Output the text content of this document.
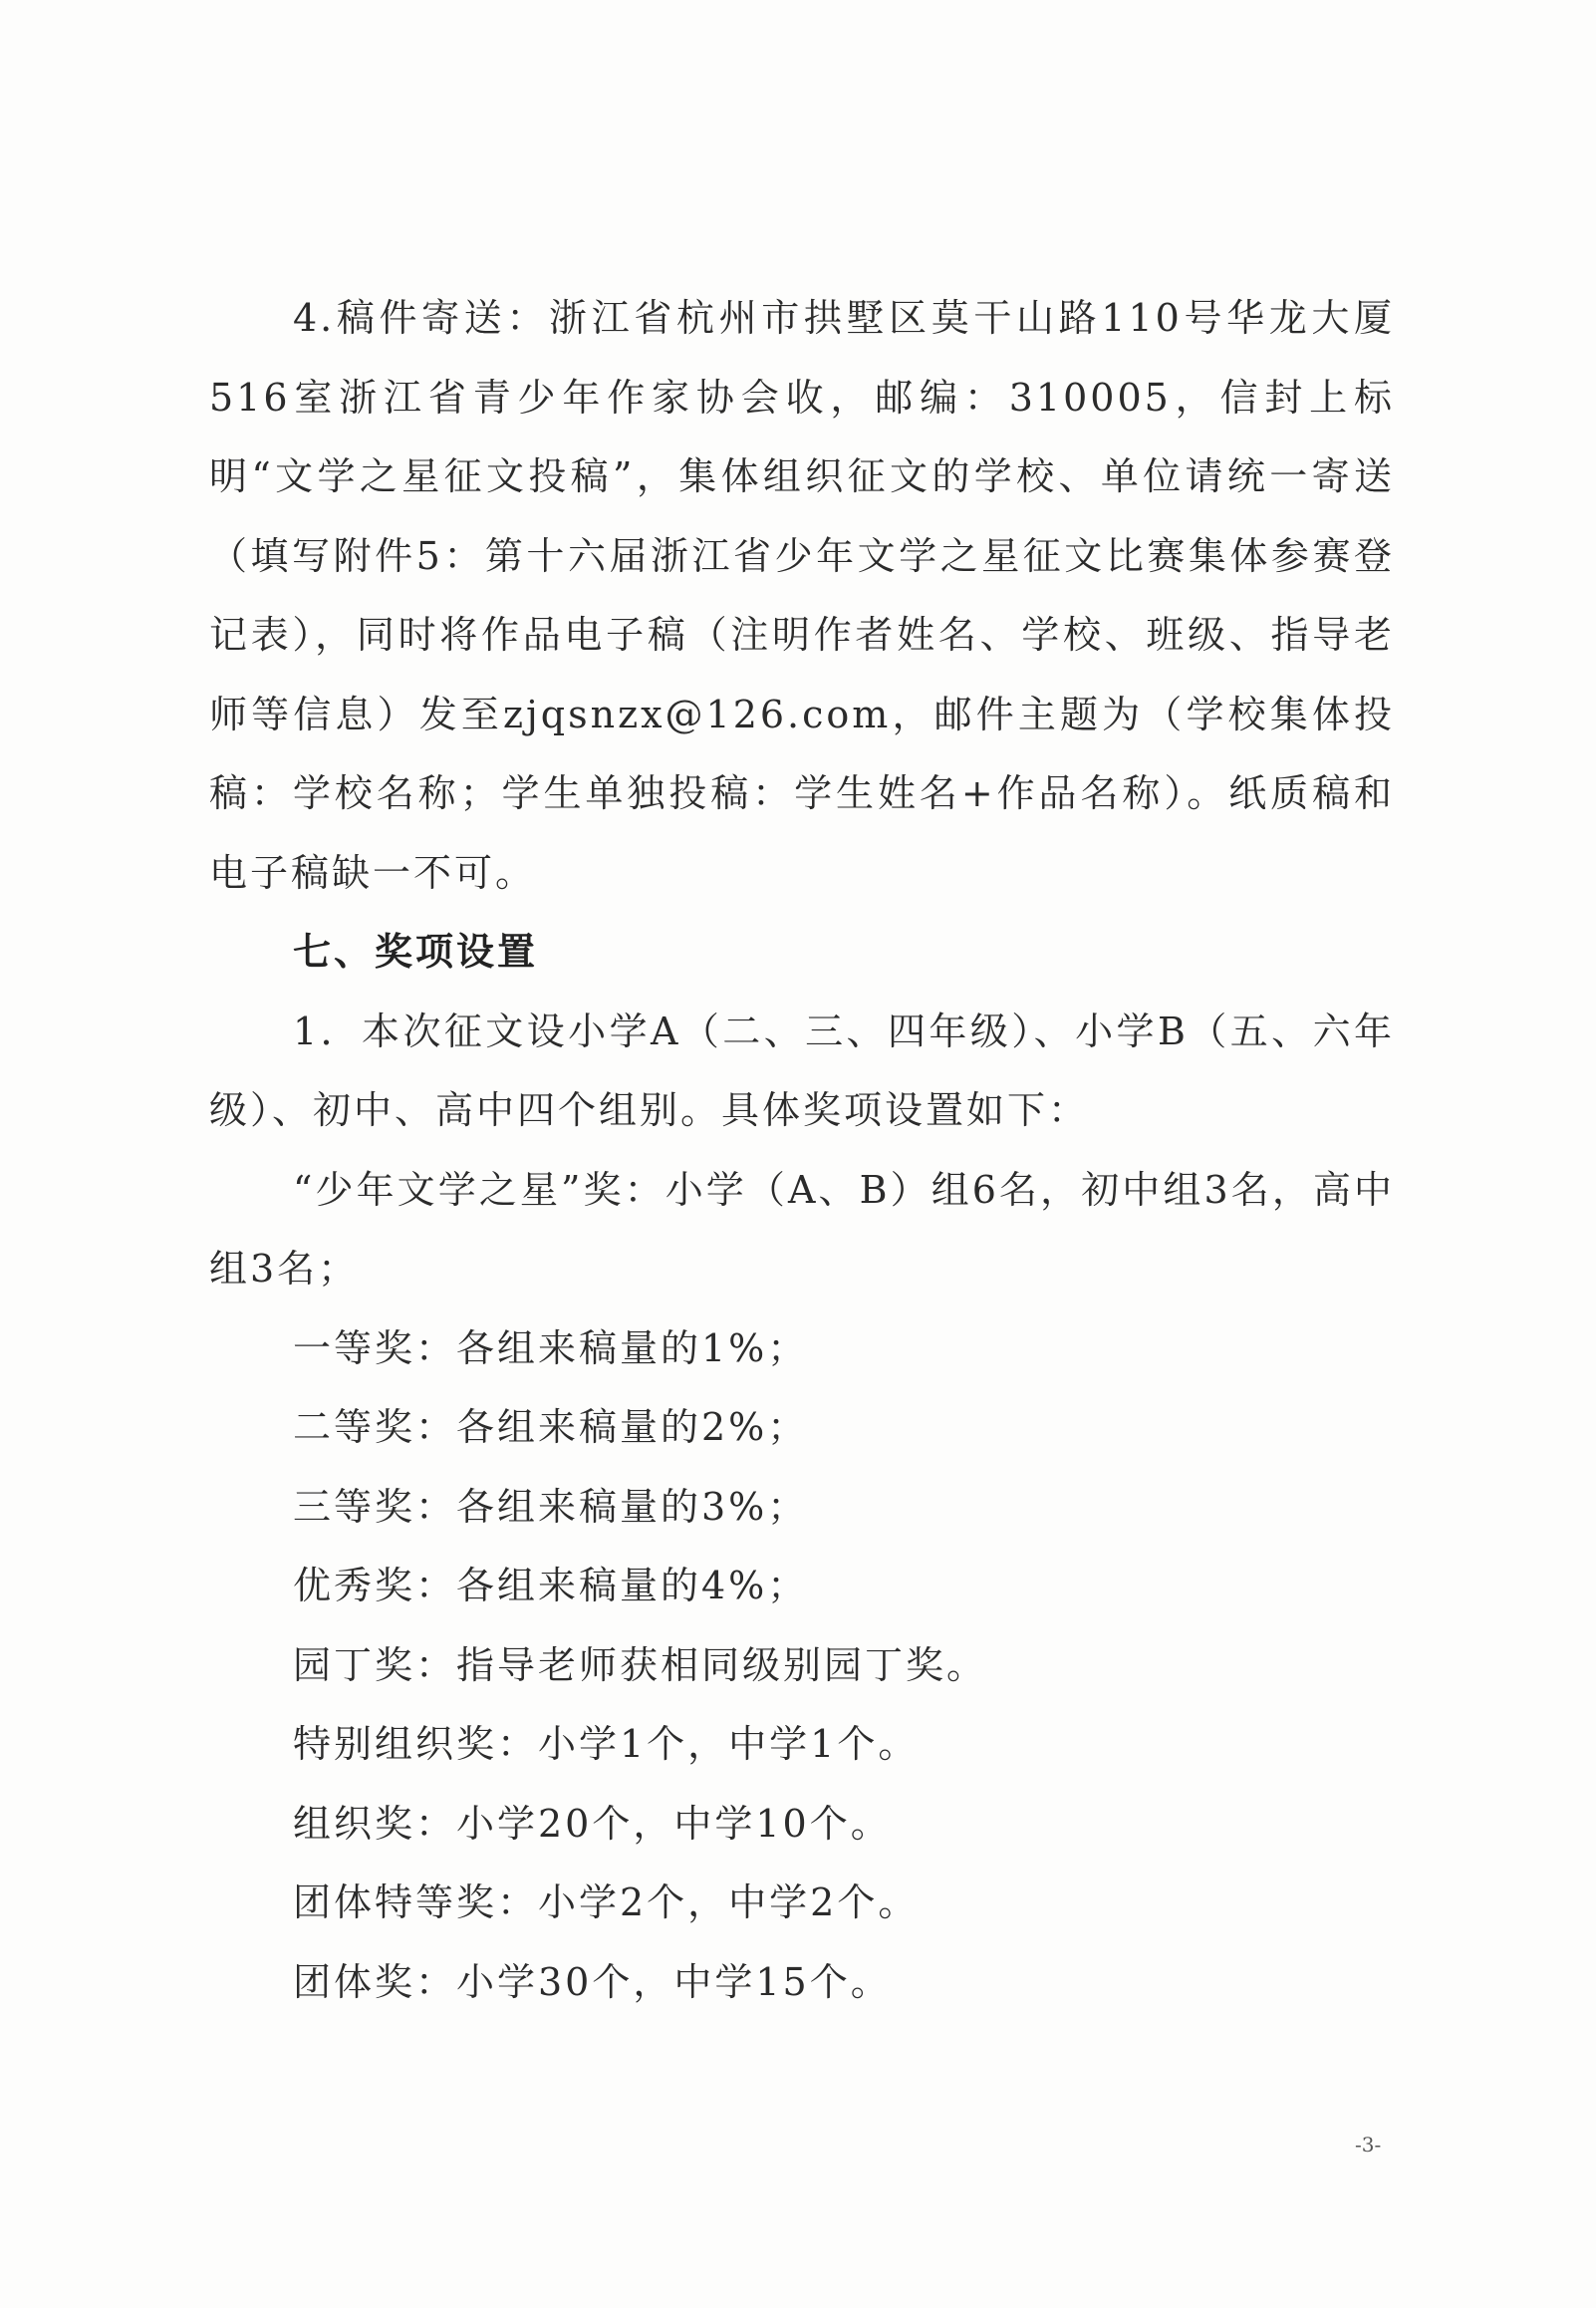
4.稿件寄送：浙江省杭州市拱墅区莫干山路110号华龙大厦516室浙江省青少年作家协会收，邮编：310005，信封上标明“文学之星征文投稿”，集体组织征文的学校、单位请统一寄送（填写附件5：第十六届浙江省少年文学之星征文比赛集体参赛登记表），同时将作品电子稿（注明作者姓名、学校、班级、指导老师等信息）发至zjqsnzx@126.com，邮件主题为（学校集体投稿：学校名称；学生单独投稿：学生姓名+作品名称）。纸质稿和电子稿缺一不可。

七、奖项设置

1．本次征文设小学A（二、三、四年级）、小学B（五、六年级）、初中、高中四个组别。具体奖项设置如下：

“少年文学之星”奖：小学（A、B）组6名，初中组3名，高中组3名；

一等奖：各组来稿量的1%；

二等奖：各组来稿量的2%；

三等奖：各组来稿量的3%；

优秀奖：各组来稿量的4%；

园丁奖：指导老师获相同级别园丁奖。

特别组织奖：小学1个，中学1个。

组织奖：小学20个，中学10个。

团体特等奖：小学2个，中学2个。

团体奖：小学30个，中学15个。

-3-
